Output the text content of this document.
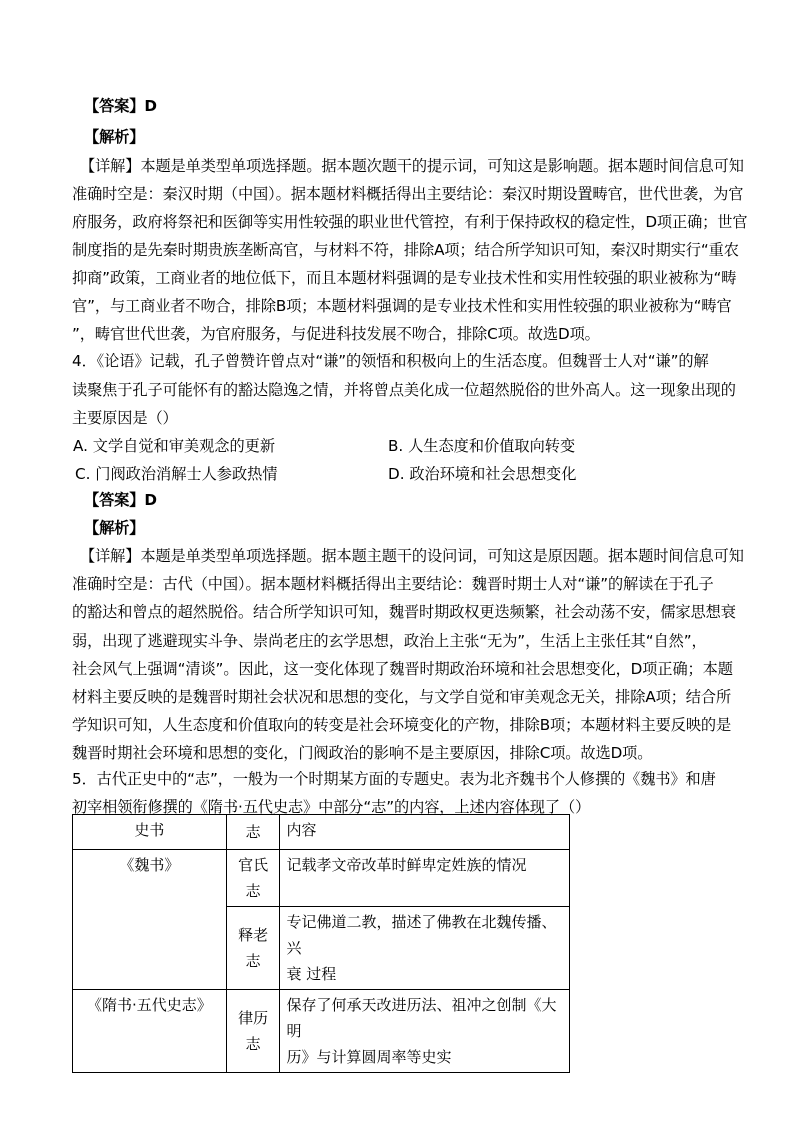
【答案】D
【解析】
【详解】本题是单类型单项选择题。据本题次题干的提示词，可知这是影响题。据本题时间信息可知
准确时空是：秦汉时期（中国）。据本题材料概括得出主要结论：秦汉时期设置畴官，世代世袭，为官
府服务，政府将祭祀和医御等实用性较强的职业世代管控，有利于保持政权的稳定性，D项正确；世官
制度指的是先秦时期贵族垄断高官，与材料不符，排除A项；结合所学知识可知，秦汉时期实行“重农
抑商”政策，工商业者的地位低下，而且本题材料强调的是专业技术性和实用性较强的职业被称为“畴
官”，与工商业者不吻合，排除B项；本题材料强调的是专业技术性和实用性较强的职业被称为“畴官
”，畴官世代世袭，为官府服务，与促进科技发展不吻合，排除C项。故选D项。
4．《论语》记载，孔子曾赞许曾点对“谦”的领悟和积极向上的生活态度。但魏晋士人对“谦”的解
读聚焦于孔子可能怀有的豁达隐逸之情，并将曾点美化成一位超然脱俗的世外高人。这一现象出现的
主要原因是（）
A. 文学自觉和审美观念的更新	B. 人生态度和价值取向转变
C. 门阀政治消解士人参政热情	D. 政治环境和社会思想变化
【答案】D
【解析】
【详解】本题是单类型单项选择题。据本题主题干的设问词，可知这是原因题。据本题时间信息可知
准确时空是：古代（中国）。据本题材料概括得出主要结论：魏晋时期士人对“谦”的解读在于孔子
的豁达和曾点的超然脱俗。结合所学知识可知，魏晋时期政权更迭频繁，社会动荡不安，儒家思想衰
弱，出现了逃避现实斗争、崇尚老庄的玄学思想，政治上主张“无为”，生活上主张任其“自然”，
社会风气上强调“清谈”。因此，这一变化体现了魏晋时期政治环境和社会思想变化，D项正确；本题
材料主要反映的是魏晋时期社会状况和思想的变化，与文学自觉和审美观念无关，排除A项；结合所
学知识可知，人生态度和价值取向的转变是社会环境变化的产物，排除B项；本题材料主要反映的是
魏晋时期社会环境和思想的变化，门阀政治的影响不是主要原因，排除C项。故选D项。
5．古代正史中的“志”，一般为一个时期某方面的专题史。表为北齐魏书个人修撰的《魏书》和唐
初宰相领衔修撰的《隋书·五代史志》中部分“志”的内容，上述内容体现了（）
史书	志	内容
《魏书》	官氏志	记载孝文帝改革时鲜卑定姓族的情况
	释老志	专记佛道二教，描述了佛教在北魏传播、兴
衰 过程

《隋书·五代史志》	律历志	保存了何承天改进历法、祖冲之创制《大明
历》与计算圆周率等史实
